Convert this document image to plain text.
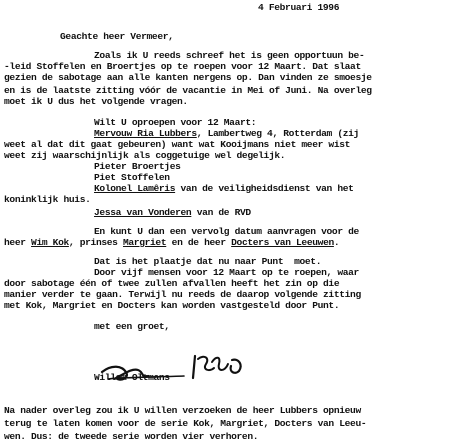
4 Februari 1996
Geachte heer Vermeer,
Zoals ik U reeds schreef het is geen opportuun be-
-leid Stoffelen en Broertjes op te roepen voor 12 Maart. Dat slaat
gezien de sabotage aan alle kanten nergens op. Dan vinden ze smoesje
en is de laatste zitting vóór de vacantie in Mei of Juni. Na overleg
moet ik U dus het volgende vragen.
Wilt U oproepen voor 12 Maart:
Mervouw Ria Lubbers, Lambertweg 4, Rotterdam (zij
weet al dat dit gaat gebeuren) want wat Kooijmans niet meer wist
weet zij waarschijnlijk als coggetuige wel degelijk.
Pieter Broertjes
Piet Stoffelen
Kolonel Lamêris van de veiligheidsdienst van het
koninklijk huis.
Jessa van Vonderen van de RVD
En kunt U dan een vervolg datum aanvragen voor de
heer Wim Kok, prinses Margriet en de heer Docters van Leeuwen.
Dat is het plaatje dat nu naar Punt  moet.
Door vijf mensen voor 12 Maart op te roepen, waar
door sabotage één of twee zullen afvallen heeft het zin op die
manier verder te gaan. Terwijl nu reeds de daarop volgende zitting
met Kok, Margriet en Docters kan worden vastgesteld door Punt.
met een groet,
Willem Oltmans
Na nader overleg zou ik U willen verzoeken de heer Lubbers opnieuw
terug te laten komen voor de serie Kok, Margriet, Docters van Leeu-
wen. Dus: de tweede serie worden vier verhoren.
